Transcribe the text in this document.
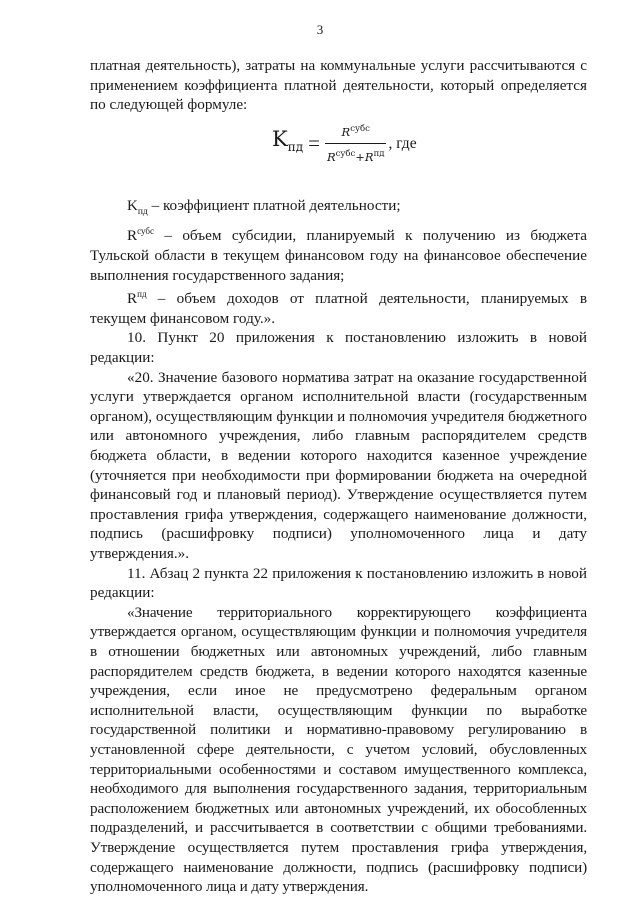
3

платная деятельность), затраты на коммунальные услуги рассчитываются с применением коэффициента платной деятельности, который определяется по следующей формуле:

$K_{пд} = \frac{R^{субс}}{R^{субс}+R^{пд}}$ , где

$K_{пд}$ – коэффициент платной деятельности;

$R^{субс}$ – объем субсидии, планируемый к получению из бюджета Тульской области в текущем финансовом году на финансовое обеспечение выполнения государственного задания;

$R^{пд}$ – объем доходов от платной деятельности, планируемых в текущем финансовом году.».

10. Пункт 20 приложения к постановлению изложить в новой редакции:

«20. Значение базового норматива затрат на оказание государственной услуги утверждается органом исполнительной власти (государственным органом), осуществляющим функции и полномочия учредителя бюджетного или автономного учреждения, либо главным распорядителем средств бюджета области, в ведении которого находится казенное учреждение (уточняется при необходимости при формировании бюджета на очередной финансовый год и плановый период). Утверждение осуществляется путем проставления грифа утверждения, содержащего наименование должности, подпись (расшифровку подписи) уполномоченного лица и дату утверждения.».

11. Абзац 2 пункта 22 приложения к постановлению изложить в новой редакции:

«Значение территориального корректирующего коэффициента утверждается органом, осуществляющим функции и полномочия учредителя в отношении бюджетных или автономных учреждений, либо главным распорядителем средств бюджета, в ведении которого находятся казенные учреждения, если иное не предусмотрено федеральным органом исполнительной власти, осуществляющим функции по выработке государственной политики и нормативно-правовому регулированию в установленной сфере деятельности, с учетом условий, обусловленных территориальными особенностями и составом имущественного комплекса, необходимого для выполнения государственного задания, территориальным расположением бюджетных или автономных учреждений, их обособленных подразделений, и рассчитывается в соответствии с общими требованиями. Утверждение осуществляется путем проставления грифа утверждения, содержащего наименование должности, подпись (расшифровку подписи) уполномоченного лица и дату утверждения.
